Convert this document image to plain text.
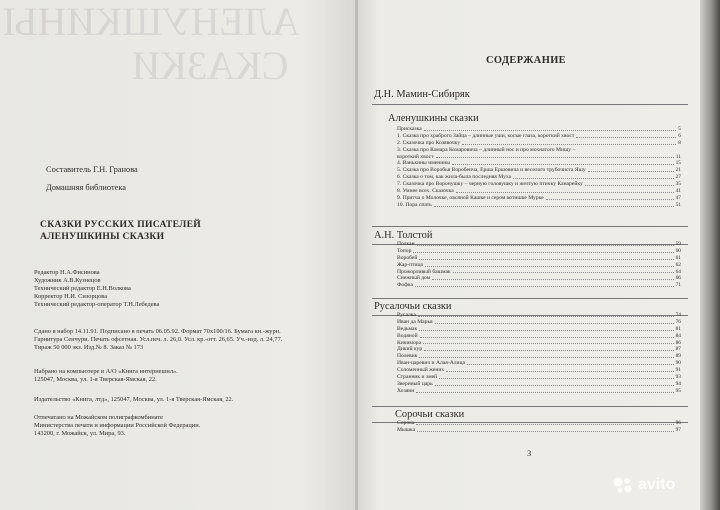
АЛЕНУШКИНЫ СКАЗКИ
Составитель Г.Н. Гранова
Домашняя библиотека
СКАЗКИ РУССКИХ ПИСАТЕЛЕЙ
АЛЕНУШКИНЫ СКАЗКИ
Редактор Н.А.Фисинова
Художник А.В.Кузнецов
Технический редактор Е.Н.Волкова
Корректор Н.И. Сизорцова
Технический редактор-оператор Т.Н.Лебедева
Сдано в набор 14.11.91. Подписано в печать 06.05.92. Формат 70х100/16. Бумага кн.-журн.
Гарнитура Сенчури. Печать офсетная. Усл.печ. л. 26,0. Усл. кр.-отт. 26,65. Уч.-изд. л. 24,77.
Тираж 50 000 экз. Изд.№ 8. Заказ № 173
Набрано на компьютере в А/О «Книга интернешнл».
125047, Москва, ул. 1-я Тверская-Ямская, 22.
Издательство «Книга, лтд», 125047, Москва, ул. 1-я Тверская-Ямская, 22.
Отпечатано на Можайском полиграфкомбинате
Министерства печати и информации Российской Федерации.
143200, г. Можайск, ул. Мира, 93.
СОДЕРЖАНИЕ
Д.Н. Мамин-Сибиряк
Аленушкины сказки
Присказка	5
1. Сказка про храброго Зайца – длинные уши, косые глаза, короткий хвост	6
2. Сказочка про Козявочку	8
3. Сказка про Комара Комаровича – длинный нос и про мохнатого Мишу –
короткий хвост	11
4. Ванькины именины	15
5. Сказка про Воробья Воробеича, Ерша Ершовича и веселого трубочиста Яшу	21
6. Сказка о том, как жила-была последняя Муха	27
7. Сказочка про Воронушку – черную головушку и желтую птичку Канарейку	35
8. Умнее всех. Сказочка	41
9. Притча о Молочке, овсяной Кашке и сером котишке Мурке	47
10. Пора спать	51
А.Н. Толстой
Полкан	59
Топор	60
Воробей	61
Жар-птица	62
Прожорливый башмак	64
Снежный дом	66
Фофка	71
Русалочьи сказки
Русалка	74
Иван да Марья	76
Ведьмак	81
Водяной	84
Кикимора	86
Дикий кур	87
Полевик	89
Иван-царевич и Алая-Алица	90
Соломенный жених	91
Странник и змей	93
Звериный царь	94
Хозяин	95
Сорочьи сказки
Сорока	96
Мышка	97
3
avito
